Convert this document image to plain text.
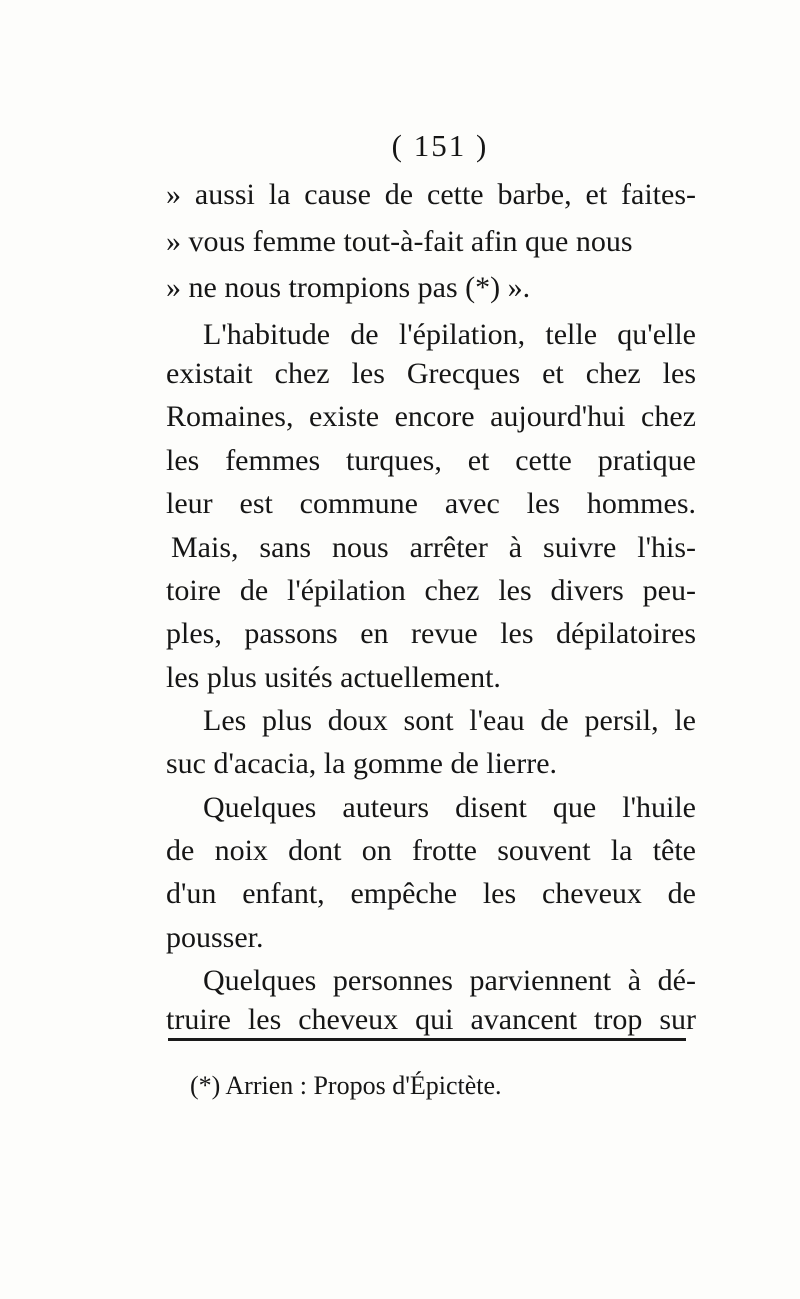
( 151 )

» aussi la cause de cette barbe, et faites-
» vous femme tout-à-fait afin que nous
» ne nous trompions pas (*) ».
L'habitude de l'épilation, telle qu'elle
existait chez les Grecques et chez les
Romaines, existe encore aujourd'hui chez
les femmes turques, et cette pratique
leur est commune avec les hommes.
Mais, sans nous arrêter à suivre l'his-
toire de l'épilation chez les divers peu-
ples, passons en revue les dépilatoires
les plus usités actuellement.
Les plus doux sont l'eau de persil, le
suc d'acacia, la gomme de lierre.
Quelques auteurs disent que l'huile
de noix dont on frotte souvent la tête
d'un enfant, empêche les cheveux de
pousser.
Quelques personnes parviennent à dé-
truire les cheveux qui avancent trop sur
(*) Arrien : Propos d'Épictète.
